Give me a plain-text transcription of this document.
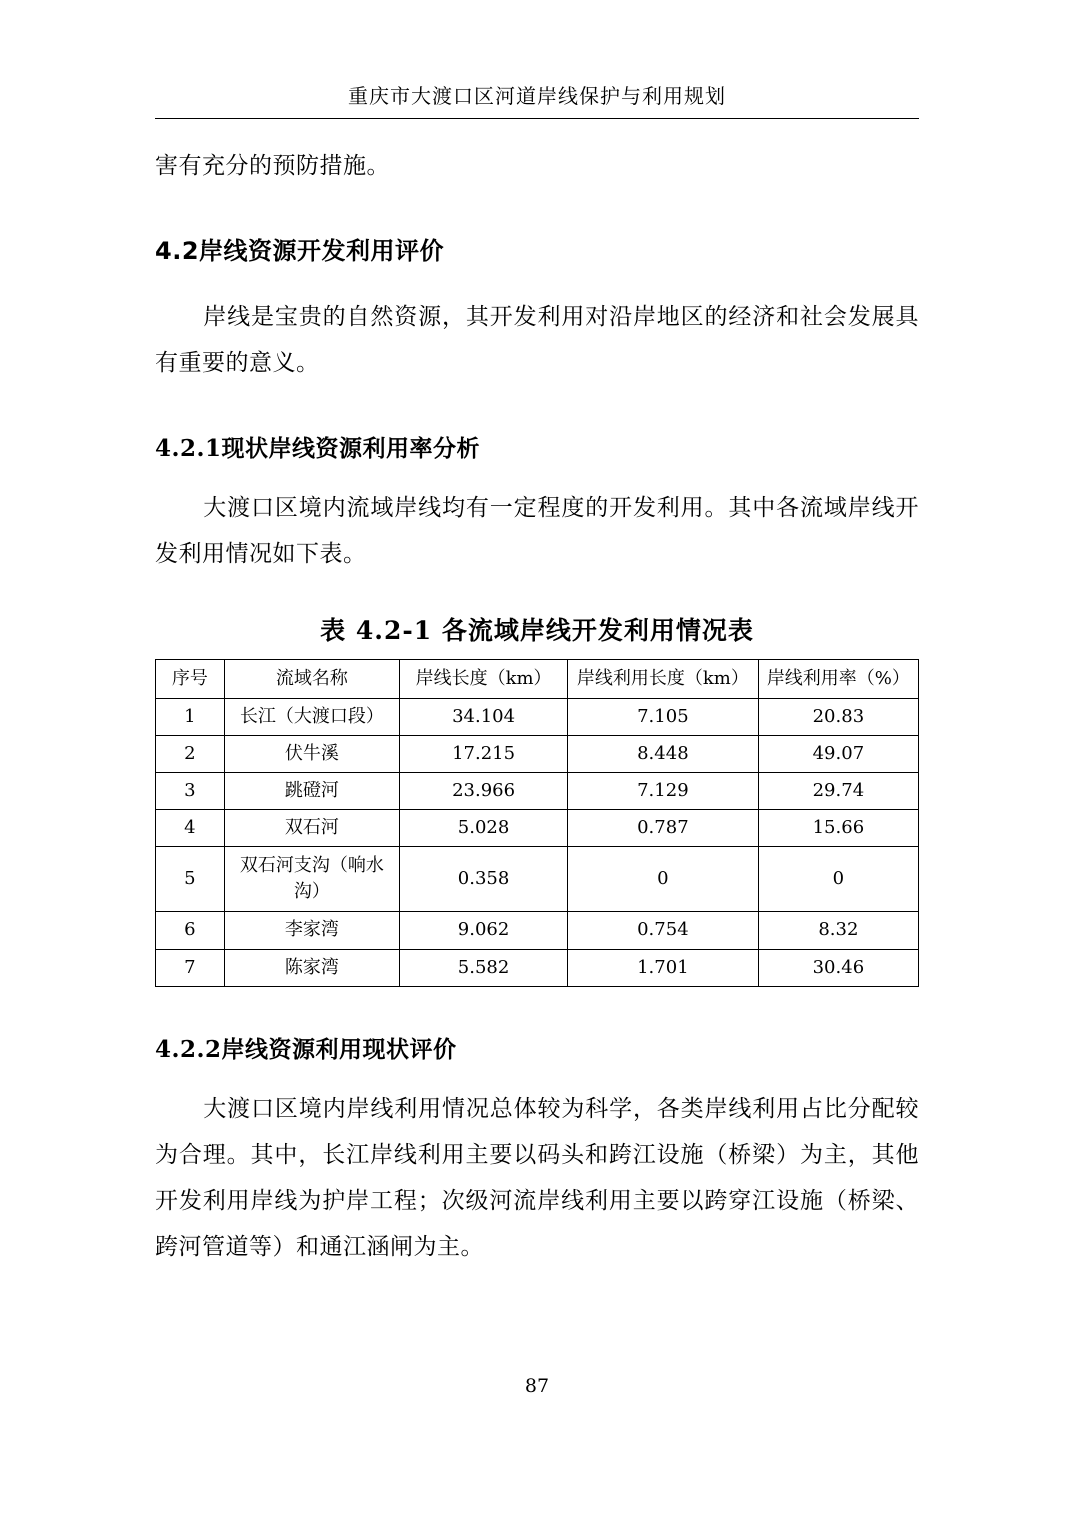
重庆市大渡口区河道岸线保护与利用规划

害有充分的预防措施。

4.2岸线资源开发利用评价

岸线是宝贵的自然资源，其开发利用对沿岸地区的经济和社会发展具有重要的意义。

4.2.1现状岸线资源利用率分析

大渡口区境内流域岸线均有一定程度的开发利用。其中各流域岸线开发利用情况如下表。

表 4.2-1 各流域岸线开发利用情况表
序号	流域名称	岸线长度（km）	岸线利用长度（km）	岸线利用率（%）
1	长江（大渡口段）	34.104	7.105	20.83
2	伏牛溪	17.215	8.448	49.07
3	跳磴河	23.966	7.129	29.74
4	双石河	5.028	0.787	15.66
5	双石河支沟（响水沟）	0.358	0	0
6	李家湾	9.062	0.754	8.32
7	陈家湾	5.582	1.701	30.46
4.2.2岸线资源利用现状评价

大渡口区境内岸线利用情况总体较为科学，各类岸线利用占比分配较为合理。其中，长江岸线利用主要以码头和跨江设施（桥梁）为主，其他开发利用岸线为护岸工程；次级河流岸线利用主要以跨穿江设施（桥梁、跨河管道等）和通江涵闸为主。

87
